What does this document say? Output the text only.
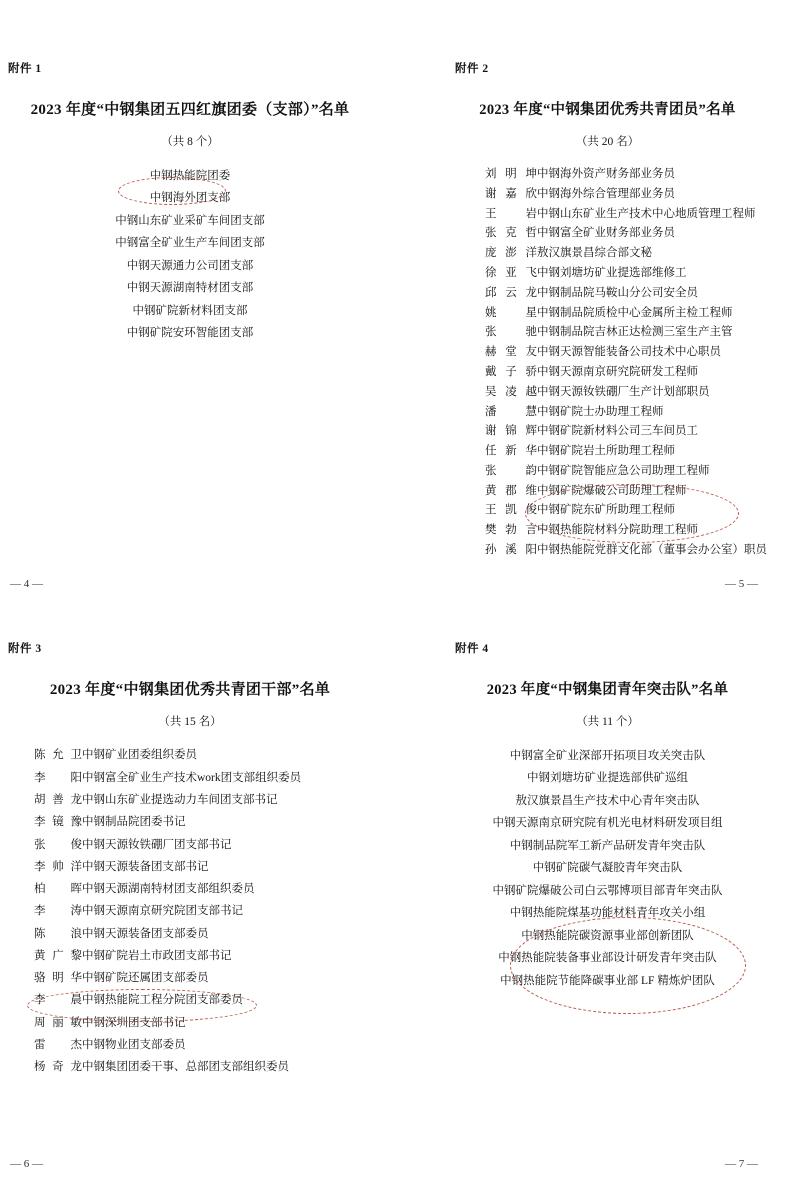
附件 1
2023 年度“中钢集团五四红旗团委（支部）”名单
（共 8 个）
中钢热能院团委
中钢海外团支部
中钢山东矿业采矿车间团支部
中钢富全矿业生产车间团支部
中钢天源通力公司团支部
中钢天源湖南特材团支部
中钢矿院新材料团支部
中钢矿院安环智能团支部
— 4 —
附件 2
2023 年度“中钢集团优秀共青团员”名单
（共 20 名）
刘明坤 中钢海外资产财务部业务员
谢嘉欣 中钢海外综合管理部业务员
王　岩 中钢山东矿业生产技术中心地质管理工程师
张克哲 中钢富全矿业财务部业务员
庞澎洋 敖汉旗景昌综合部文秘
徐亚飞 中钢刘塘坊矿业提选部维修工
邱云龙 中钢制品院马鞍山分公司安全员
姚　星 中钢制品院质检中心金属所主检工程师
张　驰 中钢制品院吉林正达检测三室生产主管
赫堂友 中钢天源智能装备公司技术中心职员
戴子骄 中钢天源南京研究院研发工程师
吴凌越 中钢天源钕铁硼厂生产计划部职员
潘　慧 中钢矿院士办助理工程师
谢锦辉 中钢矿院新材料公司三车间员工
任新华 中钢矿院岩土所助理工程师
张　韵 中钢矿院智能应急公司助理工程师
黄郡维 中钢矿院爆破公司助理工程师
王凯俊 中钢矿院东矿所助理工程师
樊勃言 中钢热能院材料分院助理工程师
孙溪阳 中钢热能院党群文化部（董事会办公室）职员
— 5 —
附件 3
2023 年度“中钢集团优秀共青团干部”名单
（共 15 名）
陈允卫 中钢矿业团委组织委员
李　阳 中钢富全矿业生产技术work团支部组织委员
胡善龙 中钢山东矿业提选动力车间团支部书记
李镜豫 中钢制品院团委书记
张　俊 中钢天源钕铁硼厂团支部书记
李帅洋 中钢天源装备团支部书记
柏　晖 中钢天源湖南特材团支部组织委员
李　涛 中钢天源南京研究院团支部书记
陈　浪 中钢天源装备团支部委员
黄广黎 中钢矿院岩土市政团支部书记
骆明华 中钢矿院还属团支部委员
李　晨 中钢热能院工程分院团支部委员
周丽敏 中钢深圳团支部书记
雷　杰 中钢物业团支部委员
杨奇龙 中钢集团团委干事、总部团支部组织委员
— 6 —
附件 4
2023 年度“中钢集团青年突击队”名单
（共 11 个）
中钢富全矿业深部开拓项目攻关突击队
中钢刘塘坊矿业提选部供矿巡组
敖汉旗景昌生产技术中心青年突击队
中钢天源南京研究院有机光电材料研发项目组
中钢制品院军工新产品研发青年突击队
中钢矿院碳气凝胶青年突击队
中钢矿院爆破公司白云鄂博项目部青年突击队
中钢热能院煤基功能材料青年攻关小组
中钢热能院碳资源事业部创新团队
中钢热能院装备事业部设计研发青年突击队
中钢热能院节能降碳事业部 LF 精炼炉团队
— 7 —
